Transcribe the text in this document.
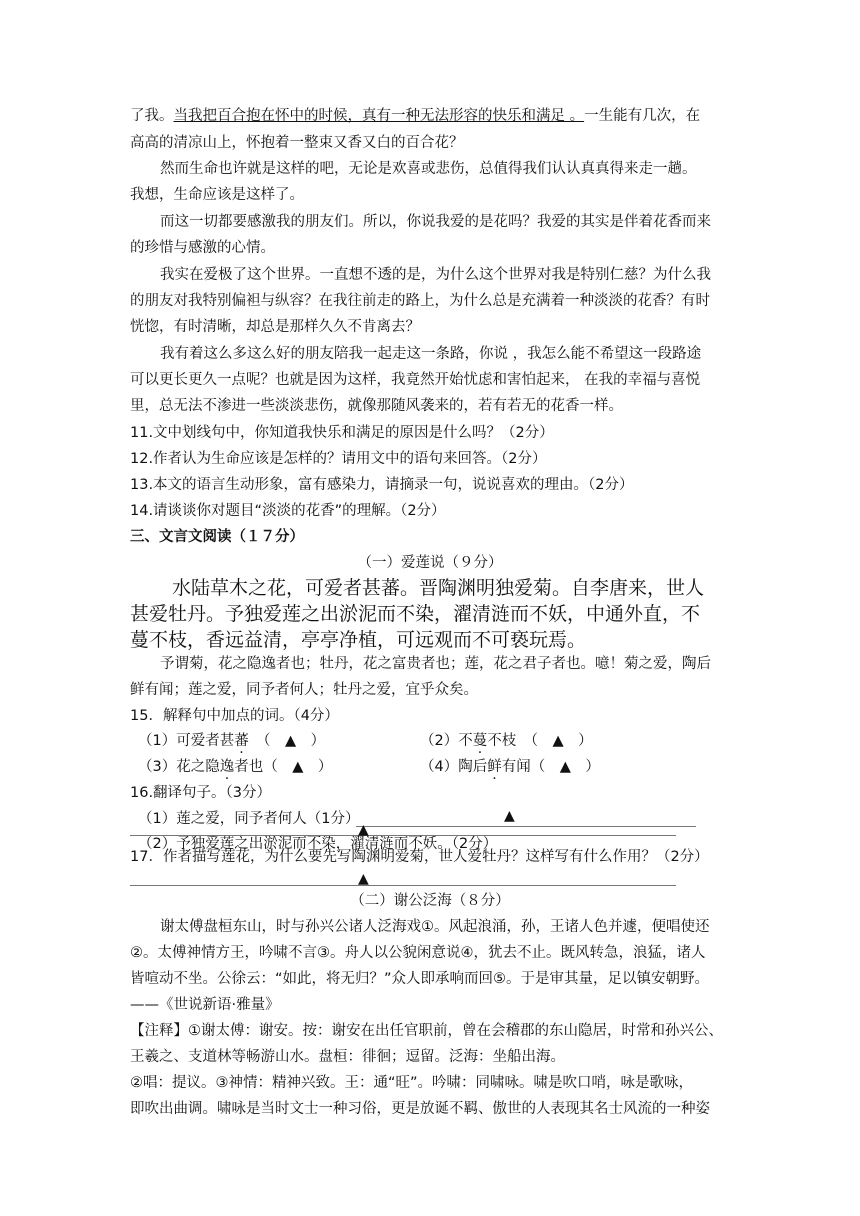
了我。当我把百合抱在怀中的时候，真有一种无法形容的快乐和满足 。一生能有几次，在
高高的清凉山上，怀抱着一整束又香又白的百合花？
然而生命也许就是这样的吧，无论是欢喜或悲伤，总值得我们认认真真得来走一趟。
我想，生命应该是这样了。
而这一切都要感激我的朋友们。所以，你说我爱的是花吗？我爱的其实是伴着花香而来
的珍惜与感激的心情。
我实在爱极了这个世界。一直想不透的是，为什么这个世界对我是特别仁慈？为什么我
的朋友对我特别偏袒与纵容？在我往前走的路上，为什么总是充满着一种淡淡的花香？有时
恍惚，有时清晰，却总是那样久久不肯离去？
我有着这么多这么好的朋友陪我一起走这一条路，你说 ，我怎么能不希望这一段路途
可以更长更久一点呢？也就是因为这样，我竟然开始忧虑和害怕起来， 在我的幸福与喜悦
里，总无法不渗进一些淡淡悲伤，就像那随风袭来的，若有若无的花香一样。
11.文中划线句中，你知道我快乐和满足的原因是什么吗？（2分）
12.作者认为生命应该是怎样的？请用文中的语句来回答。（2分）
13.本文的语言生动形象，富有感染力，请摘录一句，说说喜欢的理由。（2分）
14.请谈谈你对题目“淡淡的花香”的理解。（2分）
三、文言文阅读（１７分）
（一）爱莲说（９分）
水陆草木之花，可爱者甚蕃。晋陶渊明独爱菊。自李唐来，世人
甚爱牡丹。予独爱莲之出淤泥而不染，濯清涟而不妖，中通外直，不
蔓不枝，香远益清，亭亭净植，可远观而不可亵玩焉。
予谓菊，花之隐逸者也；牡丹，花之富贵者也；莲，花之君子者也。噫！菊之爱，陶后
鲜有闻；莲之爱，同予者何人；牡丹之爱，宜乎众矣。
15．解释句中加点的词。（4分）
（1）可爱者甚蕃　（　▲　）	（2）不蔓不枝　（　▲　）
（3）花之隐逸者也（　▲　）	（4）陶后鲜有闻（　▲　）
16.翻译句子。（3分）
（1）莲之爱，同予者何人（1分）	▲
（2）予独爱莲之出淤泥而不染，濯清涟而不妖。（2分）
▲
17．作者描写莲花，为什么要先写陶渊明爱菊，世人爱牡丹？这样写有什么作用？（2分）
▲
（二）谢公泛海（８分）
谢太傅盘桓东山，时与孙兴公诸人泛海戏①。风起浪涌，孙，王诸人色并遽，便唱使还
②。太傅神情方王，吟啸不言③。舟人以公貌闲意说④，犹去不止。既风转急，浪猛，诸人
皆喧动不坐。公徐云：“如此，将无归？”众人即承响而回⑤。于是审其量，足以镇安朝野。
——《世说新语·雅量》
【注释】①谢太傅：谢安。按：谢安在出任官职前，曾在会稽郡的东山隐居，时常和孙兴公、
王羲之、支道林等畅游山水。盘桓：徘徊；逗留。泛海：坐船出海。
②唱：提议。③神情：精神兴致。王：通“旺”。吟啸：同啸咏。啸是吹口哨，咏是歌咏，
即吹出曲调。啸咏是当时文士一种习俗，更是放诞不羁、傲世的人表现其名士风流的一种姿
